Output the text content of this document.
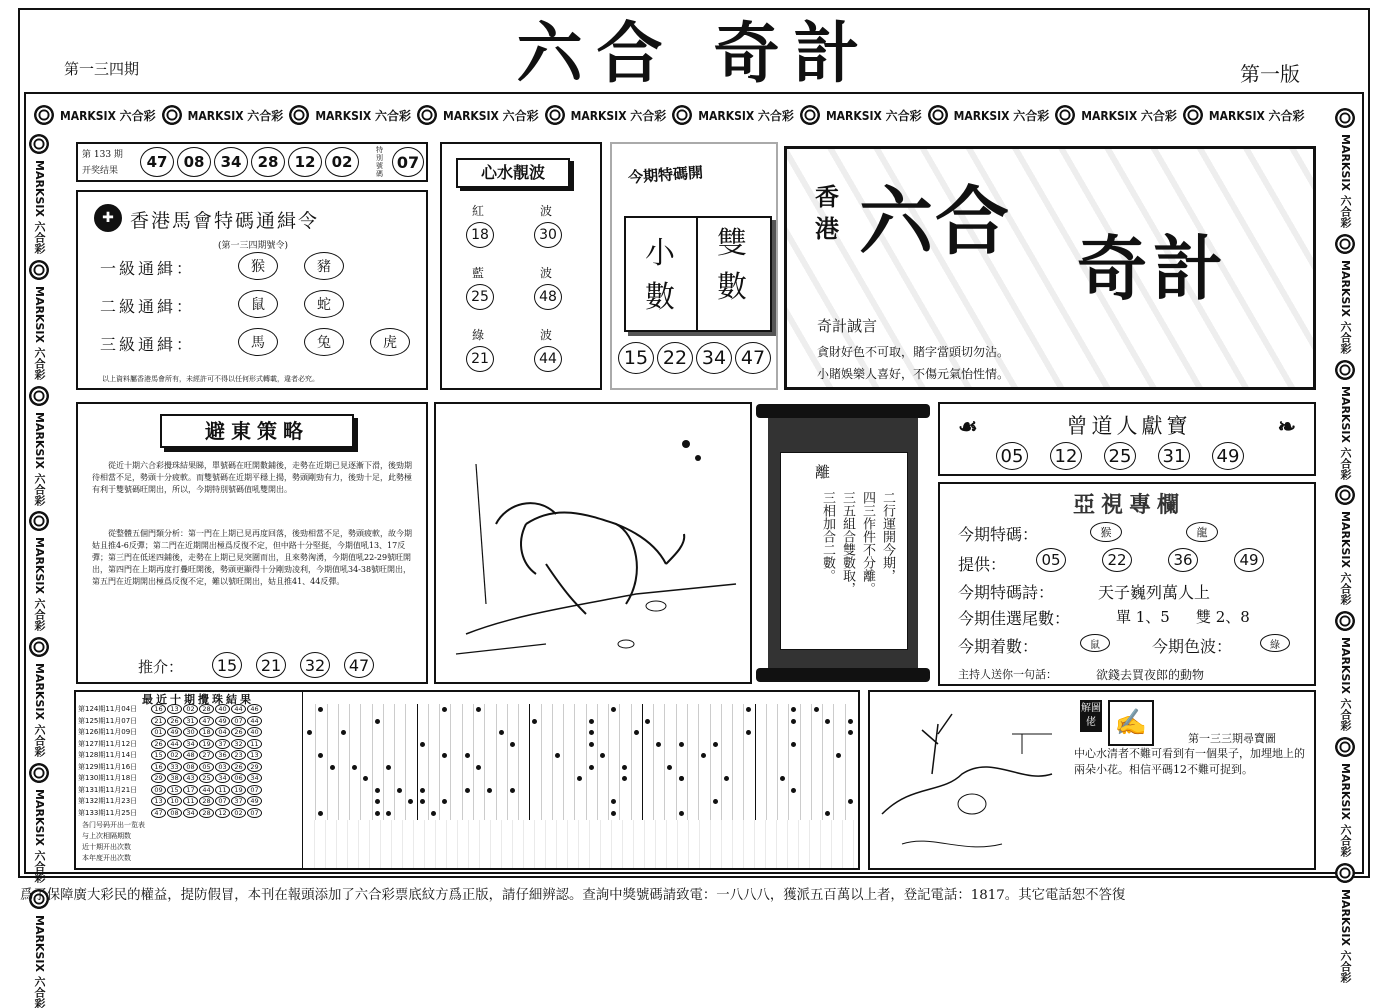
第一三四期	六合 奇計	第一版
MARKSIX 六合彩	MARKSIX 六合彩	MARKSIX 六合彩	MARKSIX 六合彩	MARKSIX 六合彩	MARKSIX 六合彩	MARKSIX 六合彩	MARKSIX 六合彩	MARKSIX 六合彩	MARKSIX 六合彩
MARKSIX 六合彩
MARKSIX 六合彩
MARKSIX 六合彩
MARKSIX 六合彩
MARKSIX 六合彩
MARKSIX 六合彩
MARKSIX 六合彩
MARKSIX 六合彩
MARKSIX 六合彩
MARKSIX 六合彩
MARKSIX 六合彩
MARKSIX 六合彩
MARKSIX 六合彩
MARKSIX 六合彩
第 133 期
开奖结果	47	08	34	28	12	02
特別號碼
07
✚ 香港馬會特碼通緝令
(第一三四期號令)
一級通緝：	猴	豬
二級通緝：	鼠	蛇
三級通緝：	馬	兔	虎
以上資料屬香港馬會所有，未經許可不得以任何形式轉載，違者必究。
心水靚波
紅	波
18	30
藍	波
25	48
綠	波
21	44
今期特碼開
小數
雙數
15 22 34 47
香港 六合
奇計
奇計誠言
貪財好色不可取，賭字當頭切勿沾。
小賭娛樂人喜好，不傷元氣怡性情。
避東策略
從近十期六合彩攪珠結果睇，單號碼在旺開數鋪後，走勢在近期已見逐漸下滑，後勁期待相當不足，勢頭十分疲軟。而雙號碼在近期平穩上揚，勢頭剛勁有力，後勁十足，此勢極有利于雙號碼旺開出，所以，今期特別號碼值吼雙開出。
從整體五個門類分析：第一門在上期已見再度回落，後勁相當不足，勢頭疲軟，故今期姑且推4-6反彈；第二門在近期開出極爲反復不定，但中路十分堅挺，今期值吼13、17反彈；第三門在低迷四鋪後，走勢在上期已見突圍而出，且來勢洶湧，今期值吼22-29號旺開出，第四門在上期再度打疊旺開後，勢頭更顯得十分剛勁凌利，今期值吼34-38號旺開出，第五門在近期開出極爲反復不定，難以號旺開出，姑且推41、44反彈。
推介：	15	21	32	47
離
二行運開今期，
四三作件不分離。
三五組合雙數取，
三相加合二數。
☙	曾道人獻寶	❧
05 12 25 31 49
亞視專欄
今期特碼：	猴	龍
提供：	05	22	36	49
今期特碼詩：	天子巍列萬人上
今期佳選尾數：	單 1、5 雙 2、8
今期着數：	鼠	今期色波：	綠
主持人送你一句話：	欲錢去買夜郎的動物
最近十期攪珠結果
第124期11月04日	16	13	02	28	40	44	46
第125期11月07日	21	26	31	47	49	07	44
第126期11月09日	01	49	30	18	04	26	40
第127期11月12日	26	44	34	19	37	32	11
第128期11月14日	15	02	48	27	36	23	13
第129期11月16日	16	33	08	05	03	26	29
第130期11月18日	29	38	43	25	34	06	34
第131期11月21日	09	15	17	44	11	19	07
第132期11月23日	13	10	11	28	07	37	49
第133期11月25日	47	08	34	28	12	02	07
各门号码开出一览表
与上次相隔期数
近十期开出次数
本年度开出次数
解圖佬 ✍
第一三三期尋寶圖
中心水清者不難可看到有一個果子，加埋地上的兩朵小花。相信平碼12不難可捉到。
爲了保障廣大彩民的權益，提防假冒，本刊在報頭添加了六合彩票底紋方爲正版，請仔細辨認。查詢中獎號碼請致電：一八八八，獲派五百萬以上者，登記電話：1817。其它電話恕不答復
